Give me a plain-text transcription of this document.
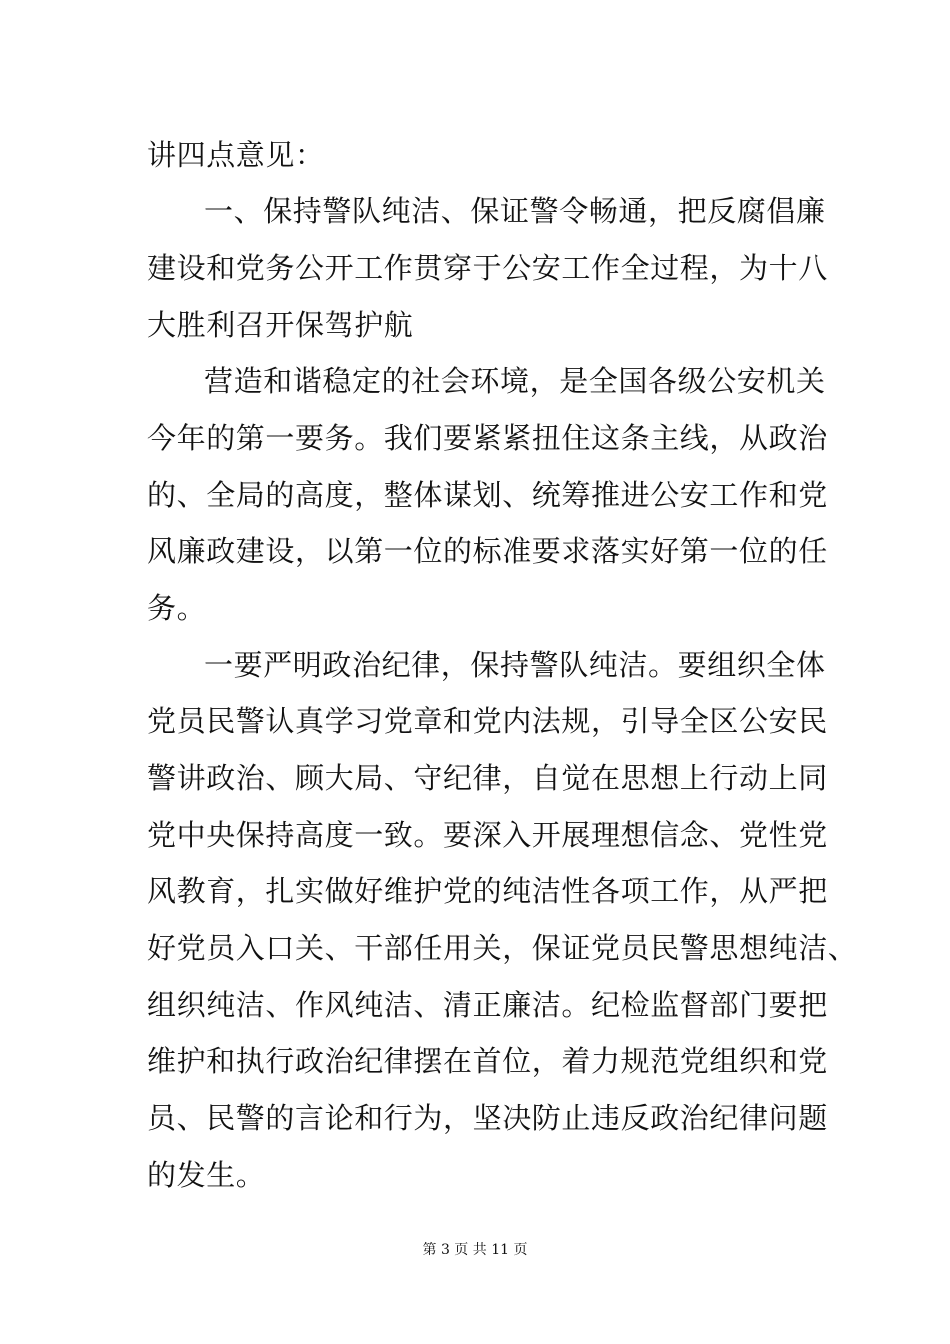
讲四点意见：
一、保持警队纯洁、保证警令畅通，把反腐倡廉
建设和党务公开工作贯穿于公安工作全过程，为十八
大胜利召开保驾护航
营造和谐稳定的社会环境，是全国各级公安机关
今年的第一要务。我们要紧紧扭住这条主线，从政治
的、全局的高度，整体谋划、统筹推进公安工作和党
风廉政建设，以第一位的标准要求落实好第一位的任
务。
一要严明政治纪律，保持警队纯洁。要组织全体
党员民警认真学习党章和党内法规，引导全区公安民
警讲政治、顾大局、守纪律，自觉在思想上行动上同
党中央保持高度一致。要深入开展理想信念、党性党
风教育，扎实做好维护党的纯洁性各项工作，从严把
好党员入口关、干部任用关，保证党员民警思想纯洁、
组织纯洁、作风纯洁、清正廉洁。纪检监督部门要把
维护和执行政治纪律摆在首位，着力规范党组织和党
员、民警的言论和行为，坚决防止违反政治纪律问题
的发生。
第 3 页 共 11 页
